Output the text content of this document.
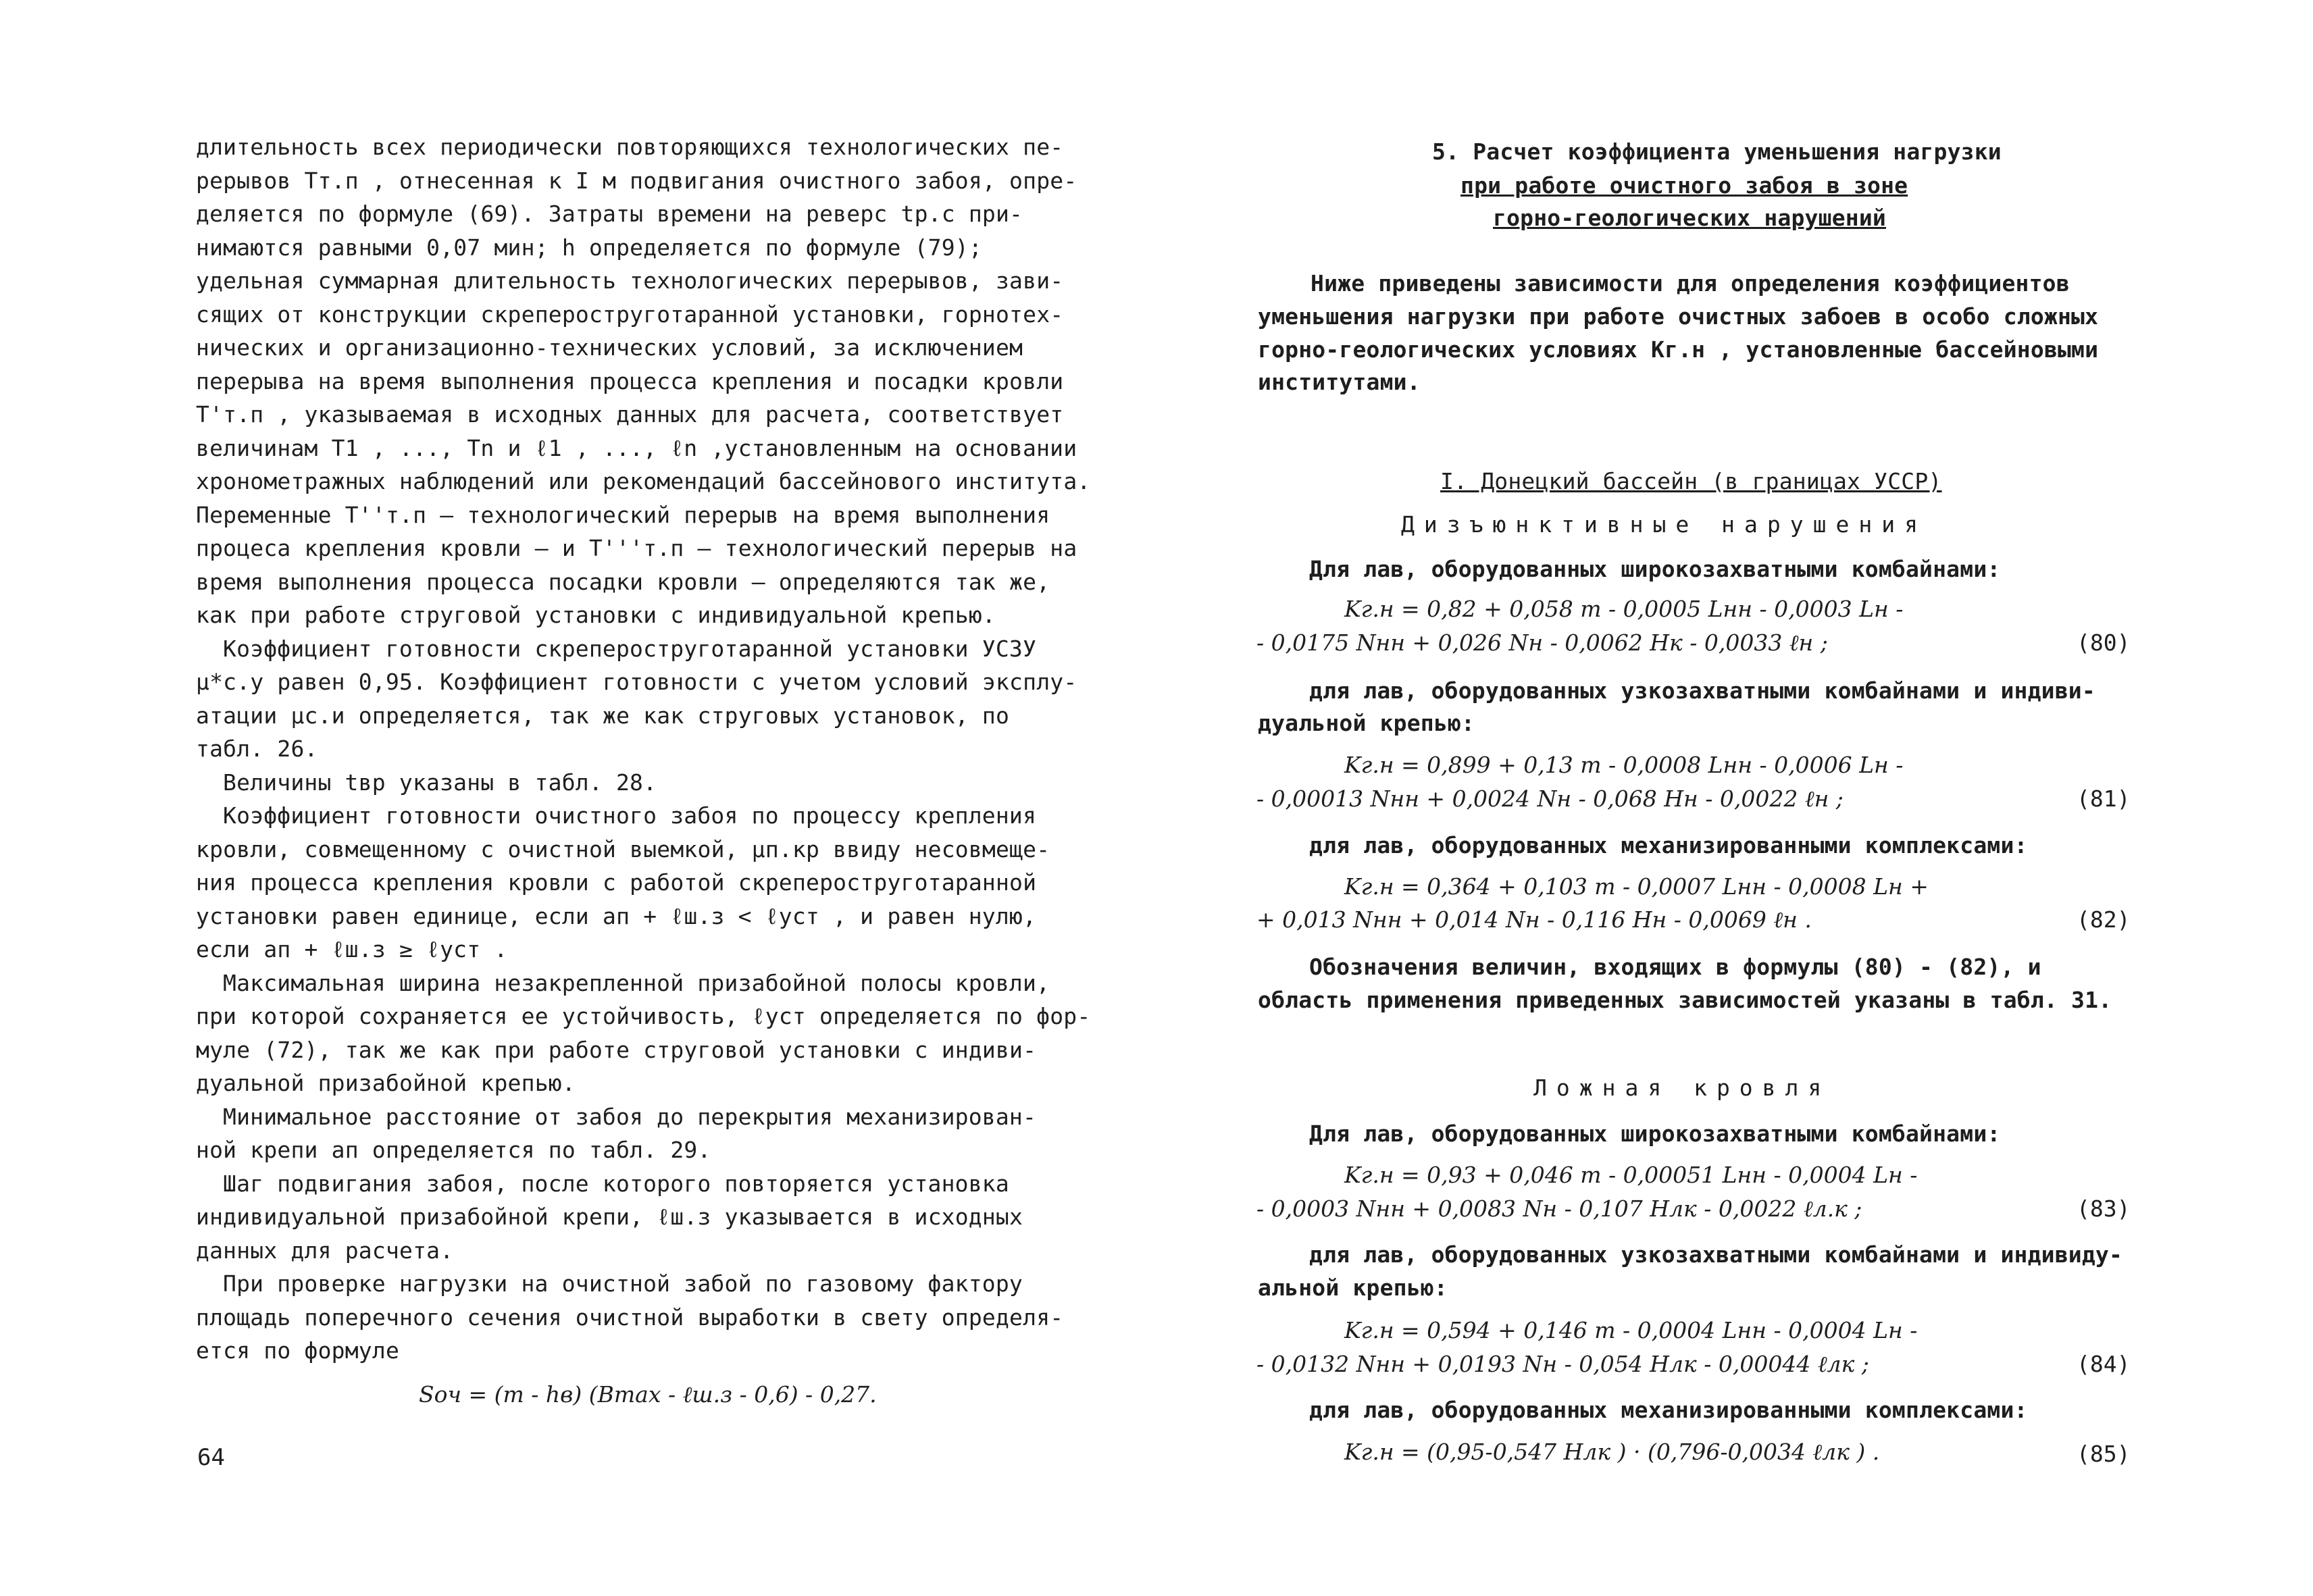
длительность всех периодически повторяющихся технологических пе-
рерывов Tт.п , отнесенная к I м подвигания очистного забоя, опре-
деляется по формуле (69). Затраты времени на реверс tр.с при-
нимаются равными 0,07 мин; h определяется по формуле (79);
удельная суммарная длительность технологических перерывов, зави-
сящих от конструкции скрепероструготаранной установки, горнотех-
нических и организационно-технических условий, за исключением
перерыва на время выполнения процесса крепления и посадки кровли
T'т.п , указываемая в исходных данных для расчета, соответствует
величинам T1 , ..., Tn и ℓ1 , ..., ℓn ,установленным на основании
хронометражных наблюдений или рекомендаций бассейнового института.
Переменные T''т.п – технологический перерыв на время выполнения
процеса крепления кровли – и T'''т.п – технологический перерыв на
время выполнения процесса посадки кровли – определяются так же,
как при работе струговой установки с индивидуальной крепью.
Коэффициент готовности скрепероструготаранной установки УСЗУ
μ*с.у равен 0,95. Коэффициент готовности с учетом условий эксплу-
атации μс.и определяется, так же как струговых установок, по
табл. 26.
Величины tвр указаны в табл. 28.
Коэффициент готовности очистного забоя по процессу крепления
кровли, совмещенному с очистной выемкой, μп.кр ввиду несовмеще-
ния процесса крепления кровли с работой скрепероструготаранной
установки равен единице, если aп + ℓш.з < ℓуст , и равен нулю,
если aп + ℓш.з ≥ ℓуст .
Максимальная ширина незакрепленной призабойной полосы кровли,
при которой сохраняется ее устойчивость, ℓуст определяется по фор-
муле (72), так же как при работе струговой установки с индиви-
дуальной призабойной крепью.
Минимальное расстояние от забоя до перекрытия механизирован-
ной крепи aп определяется по табл. 29.
Шаг подвигания забоя, после которого повторяется установка
индивидуальной призабойной крепи, ℓш.з указывается в исходных
данных для расчета.
При проверке нагрузки на очистной забой по газовому фактору
площадь поперечного сечения очистной выработки в свету определя-
ется по формуле
Sоч = (m - hв) (Bmax - ℓш.з - 0,6) - 0,27.
64
5. Расчет коэффициента уменьшения нагрузки
при работе очистного забоя в зоне
горно-геологических нарушений
Ниже приведены зависимости для определения коэффициентов
уменьшения нагрузки при работе очистных забоев в особо сложных
горно-геологических условиях Kг.н , установленные бассейновыми
институтами.
I. Донецкий бассейн (в границах УССР)
Дизъюнктивные нарушения
Для лав, оборудованных широкозахватными комбайнами:
Kг.н = 0,82 + 0,058 m - 0,0005 Lнн - 0,0003 Lн -
- 0,0175 Nнн + 0,026 Nн - 0,0062 Hк - 0,0033 ℓн ;	(80)
для лав, оборудованных узкозахватными комбайнами и индиви-
дуальной крепью:
Kг.н = 0,899 + 0,13 m - 0,0008 Lнн - 0,0006 Lн -
- 0,00013 Nнн + 0,0024 Nн - 0,068 Hн - 0,0022 ℓн ;	(81)
для лав, оборудованных механизированными комплексами:
Kг.н = 0,364 + 0,103 m - 0,0007 Lнн - 0,0008 Lн +
+ 0,013 Nнн + 0,014 Nн - 0,116 Hн - 0,0069 ℓн .	(82)
Обозначения величин, входящих в формулы (80) - (82), и
область применения приведенных зависимостей указаны в табл. 31.
Ложная кровля
Для лав, оборудованных широкозахватными комбайнами:
Kг.н = 0,93 + 0,046 m - 0,00051 Lнн - 0,0004 Lн -
- 0,0003 Nнн + 0,0083 Nн - 0,107 Hлк - 0,0022 ℓл.к ;	(83)
для лав, оборудованных узкозахватными комбайнами и индивиду-
альной крепью:
Kг.н = 0,594 + 0,146 m - 0,0004 Lнн - 0,0004 Lн -
- 0,0132 Nнн + 0,0193 Nн - 0,054 Hлк - 0,00044 ℓлк ;	(84)
для лав, оборудованных механизированными комплексами:
Kг.н = (0,95-0,547 Hлк ) · (0,796-0,0034 ℓлк ) .	(85)
